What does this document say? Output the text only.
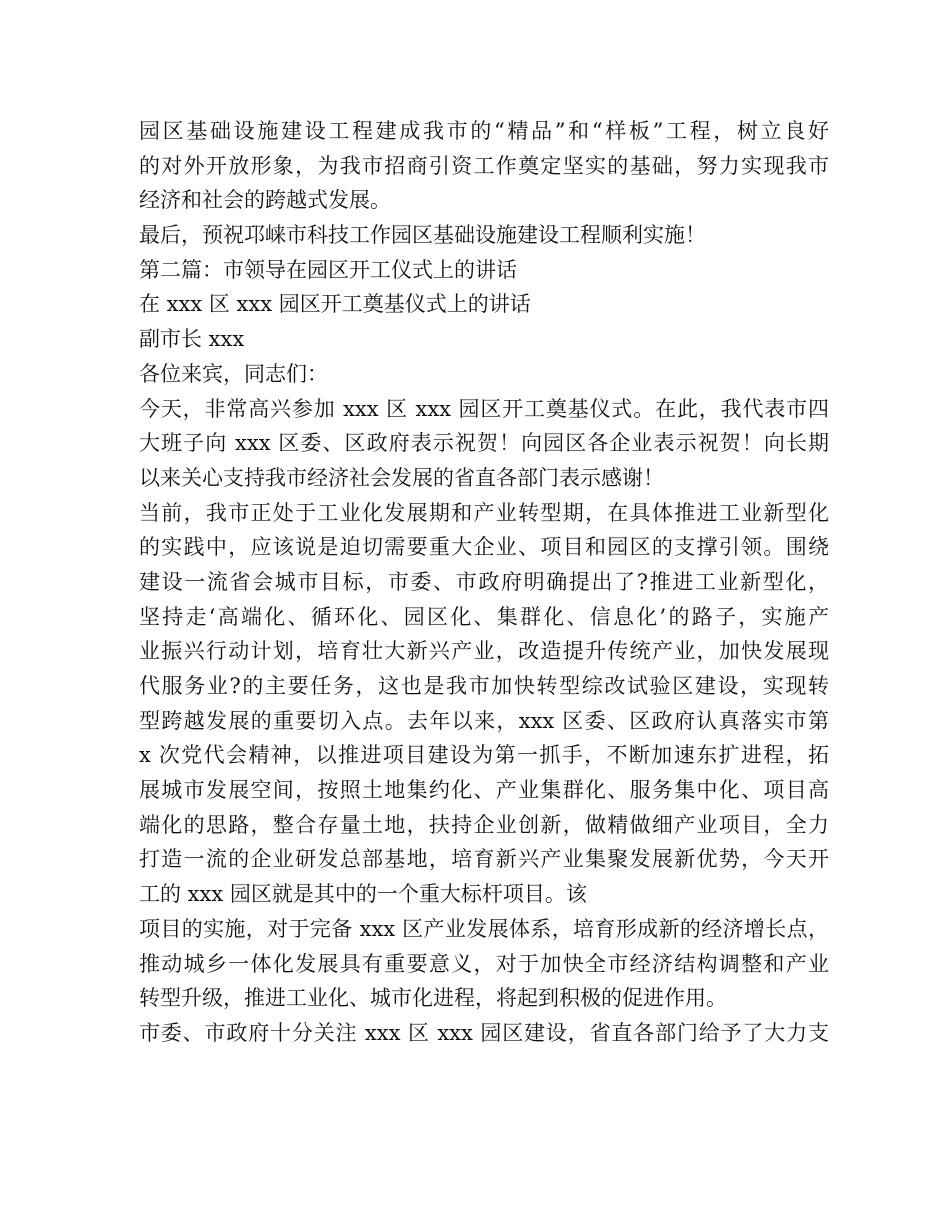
园区基础设施建设工程建成我市的“精品”和“样板”工程，树立良好
的对外开放形象，为我市招商引资工作奠定坚实的基础，努力实现我市
经济和社会的跨越式发展。
最后，预祝邛崃市科技工作园区基础设施建设工程顺利实施！
第二篇：市领导在园区开工仪式上的讲话
在 xxx 区 xxx 园区开工奠基仪式上的讲话
副市长 xxx
各位来宾，同志们：
今天，非常高兴参加 xxx 区 xxx 园区开工奠基仪式。在此，我代表市四
大班子向 xxx 区委、区政府表示祝贺！向园区各企业表示祝贺！向长期
以来关心支持我市经济社会发展的省直各部门表示感谢！
当前，我市正处于工业化发展期和产业转型期，在具体推进工业新型化
的实践中，应该说是迫切需要重大企业、项目和园区的支撑引领。围绕
建设一流省会城市目标，市委、市政府明确提出了?推进工业新型化，
坚持走‘高端化、循环化、园区化、集群化、信息化’的路子，实施产
业振兴行动计划，培育壮大新兴产业，改造提升传统产业，加快发展现
代服务业?的主要任务，这也是我市加快转型综改试验区建设，实现转
型跨越发展的重要切入点。去年以来，xxx 区委、区政府认真落实市第
x 次党代会精神，以推进项目建设为第一抓手，不断加速东扩进程，拓
展城市发展空间，按照土地集约化、产业集群化、服务集中化、项目高
端化的思路，整合存量土地，扶持企业创新，做精做细产业项目，全力
打造一流的企业研发总部基地，培育新兴产业集聚发展新优势，今天开
工的 xxx 园区就是其中的一个重大标杆项目。该
项目的实施，对于完备 xxx 区产业发展体系，培育形成新的经济增长点，
推动城乡一体化发展具有重要意义，对于加快全市经济结构调整和产业
转型升级，推进工业化、城市化进程，将起到积极的促进作用。
市委、市政府十分关注 xxx 区 xxx 园区建设，省直各部门给予了大力支
